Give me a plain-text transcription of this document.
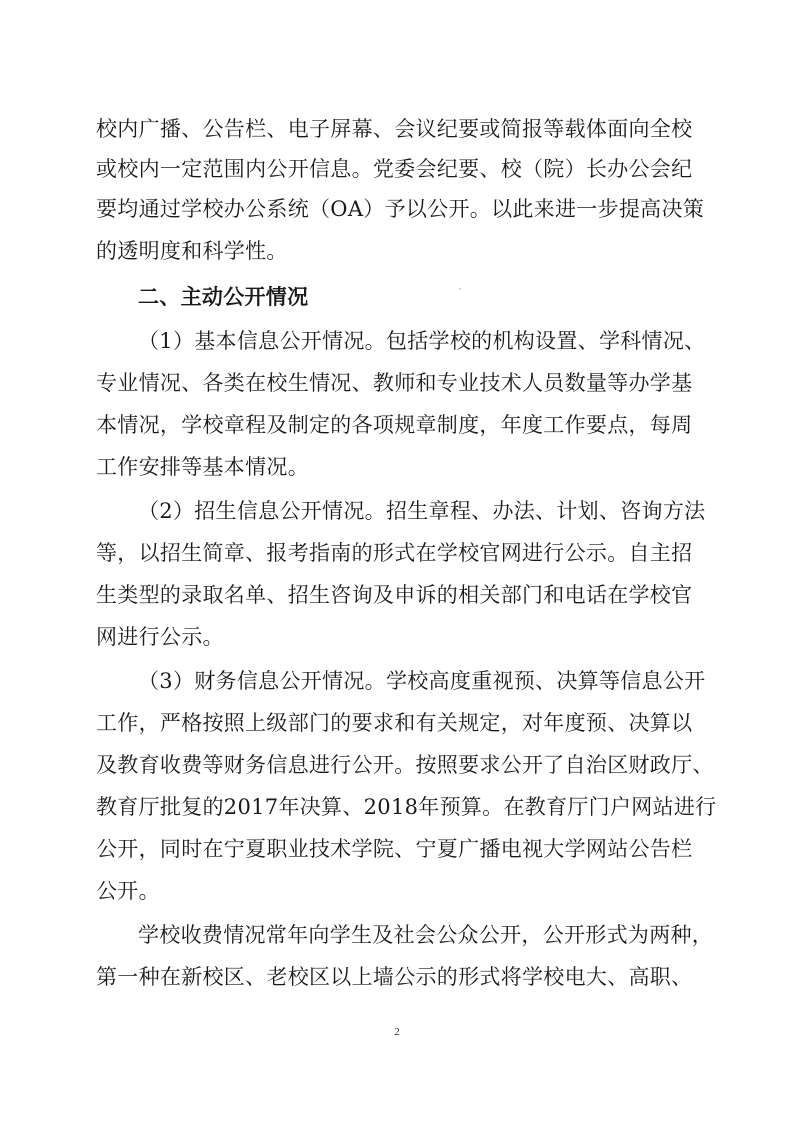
校内广播、公告栏、电子屏幕、会议纪要或简报等载体面向全校
或校内一定范围内公开信息。党委会纪要、校（院）长办公会纪
要均通过学校办公系统（OA）予以公开。以此来进一步提高决策
的透明度和科学性。
二、主动公开情况
（1）基本信息公开情况。包括学校的机构设置、学科情况、
专业情况、各类在校生情况、教师和专业技术人员数量等办学基
本情况，学校章程及制定的各项规章制度，年度工作要点，每周
工作安排等基本情况。
（2）招生信息公开情况。招生章程、办法、计划、咨询方法
等，以招生简章、报考指南的形式在学校官网进行公示。自主招
生类型的录取名单、招生咨询及申诉的相关部门和电话在学校官
网进行公示。
（3）财务信息公开情况。学校高度重视预、决算等信息公开
工作，严格按照上级部门的要求和有关规定，对年度预、决算以
及教育收费等财务信息进行公开。按照要求公开了自治区财政厅、
教育厅批复的2017年决算、2018年预算。在教育厅门户网站进行
公开，同时在宁夏职业技术学院、宁夏广播电视大学网站公告栏
公开。
学校收费情况常年向学生及社会公众公开，公开形式为两种，
第一种在新校区、老校区以上墙公示的形式将学校电大、高职、
2
